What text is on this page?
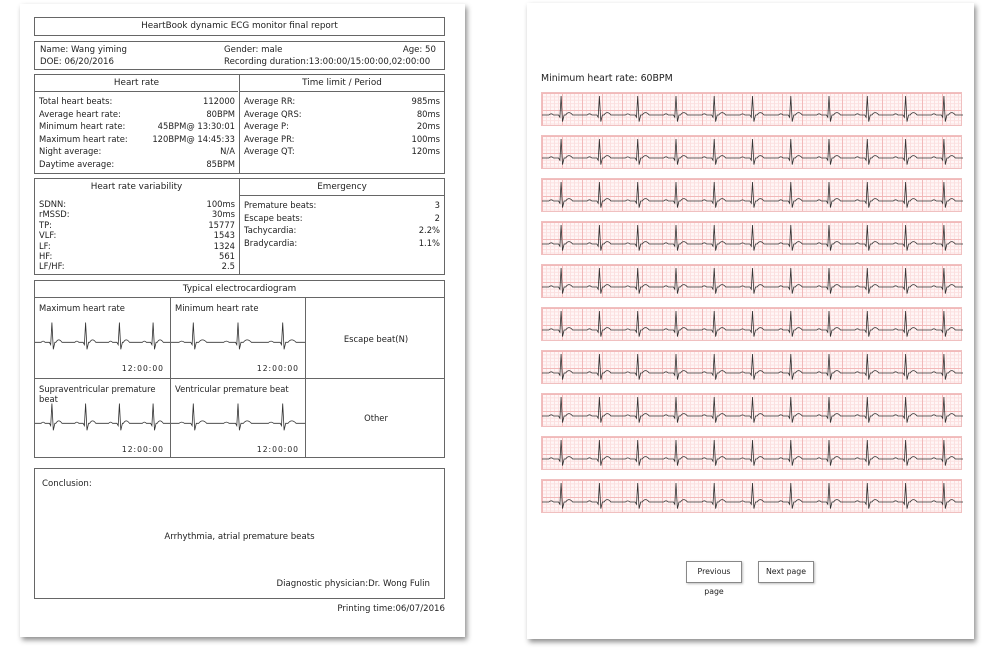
HeartBook dynamic ECG monitor final report
Name: Wang yiming	Gender: male	Age: 50
DOE: 06/20/2016	Recording duration:13:00:00/15:00:00,02:00:00
Heart rate	Time limit / Period
Total heart beats:	112000
Average heart rate:	80BPM
Minimum heart rate:	45BPM@ 13:30:01
Maximum heart rate:	120BPM@ 14:45:33
Night average:	N/A
Daytime average:	85BPM
Average RR:	985ms
Average QRS:	80ms
Average P:	20ms
Average PR:	100ms
Average QT:	120ms
Heart rate variability	Emergency
SDNN:	100ms
rMSSD:	30ms
TP:	15777
VLF:	1543
LF:	1324
HF:	561
LF/HF:	2.5
Premature beats:	3
Escape beats:	2
Tachycardia:	2.2%
Bradycardia:	1.1%
Typical electrocardiogram
Maximum heart rate
12:00:00
Minimum heart rate
12:00:00
Escape beat(N)
Supraventricular premature beat
12:00:00
Ventricular premature beat
12:00:00
Other
Conclusion:
Arrhythmia, atrial premature beats
Diagnostic physician:Dr. Wong Fulin
Printing time:06/07/2016
Minimum heart rate: 60BPM
Previous page
Next page
